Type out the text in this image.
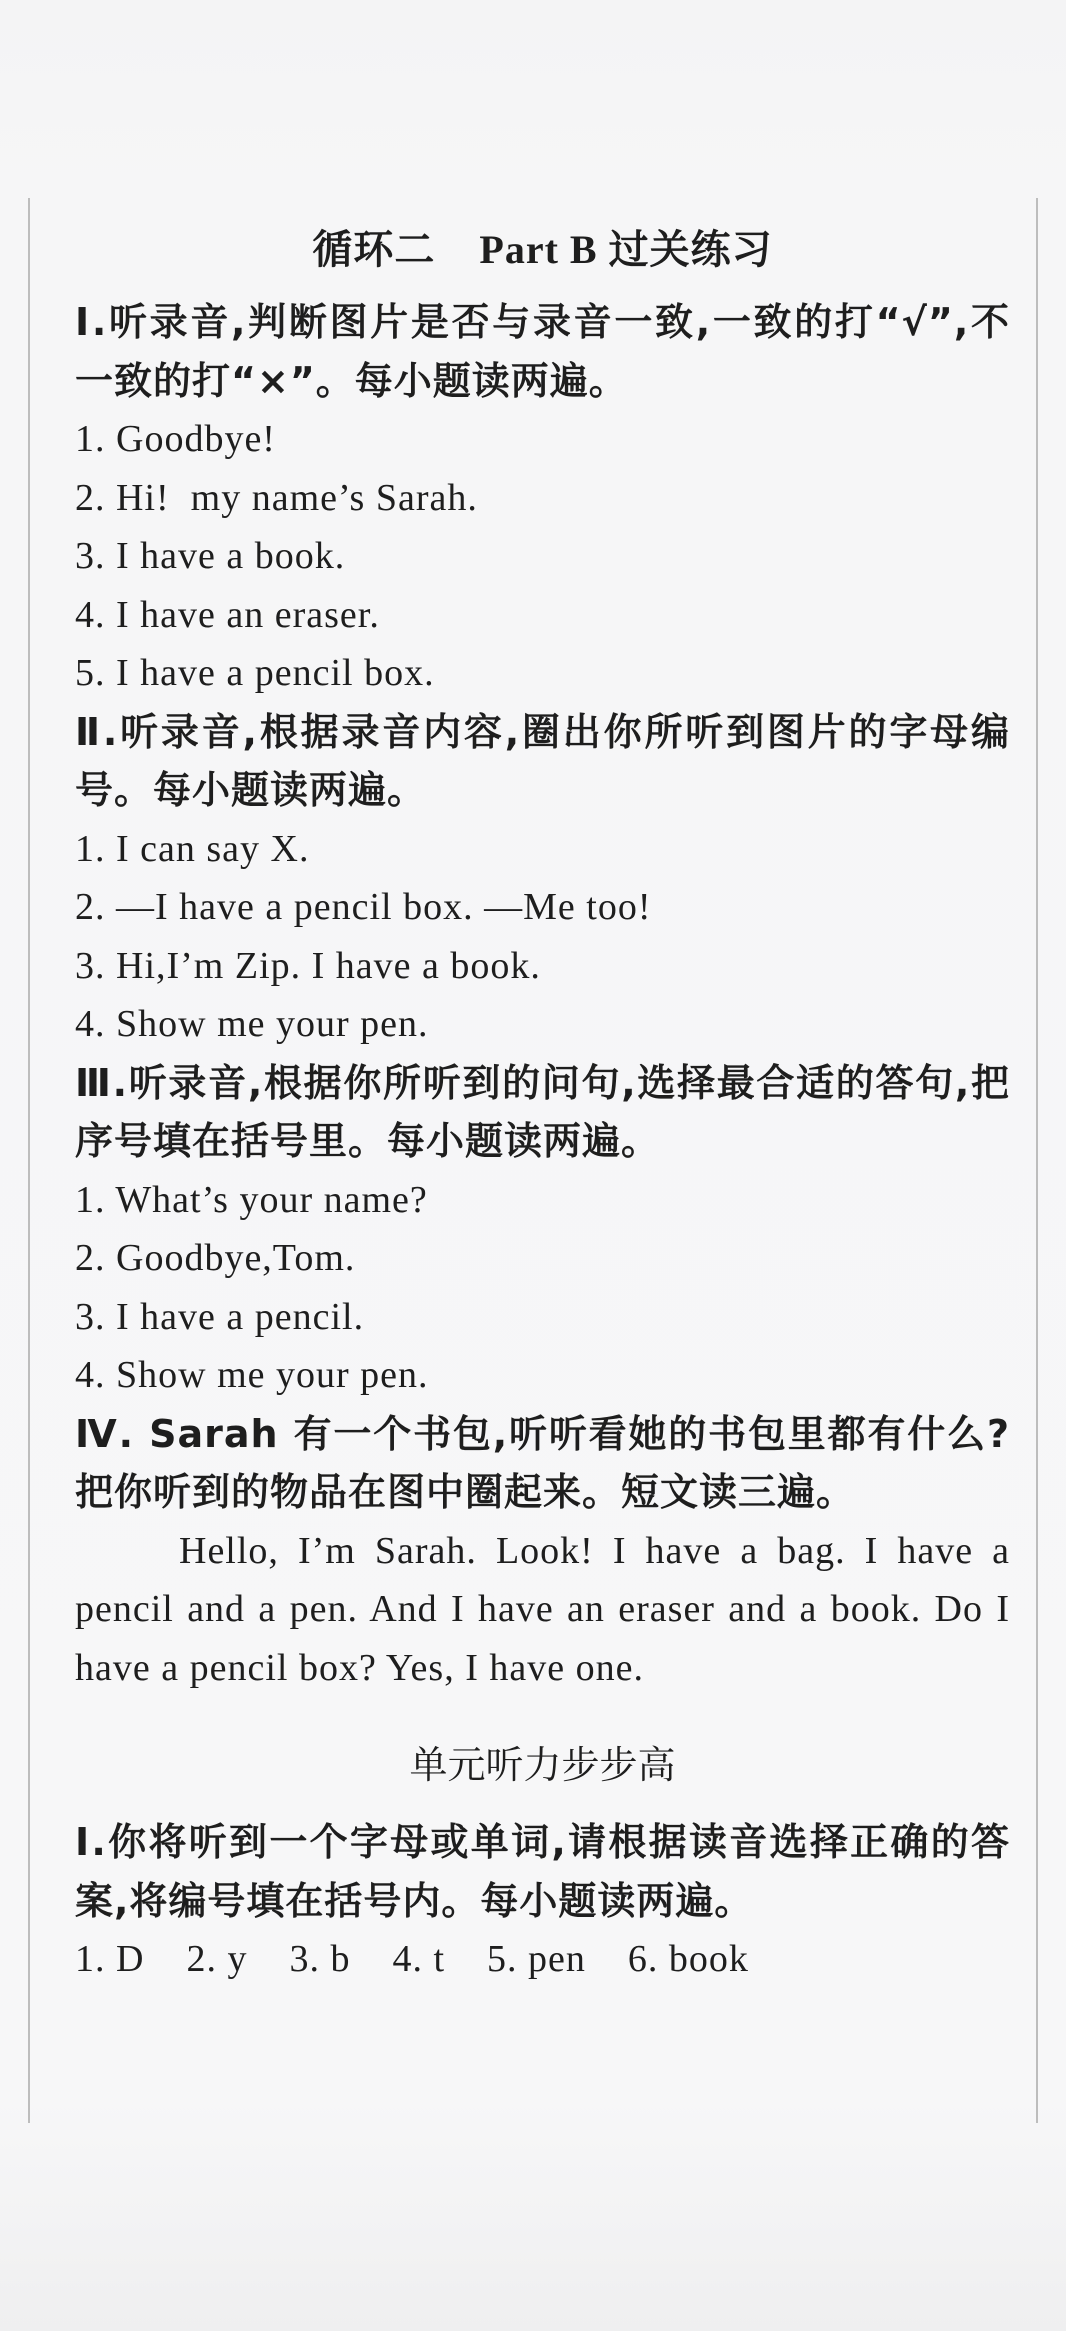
循环二 Part B 过关练习
Ⅰ.听录音,判断图片是否与录音一致,一致的打“√”,不一致的打“×”。每小题读两遍。
1. Goodbye!
2. Hi!  my name’s Sarah.
3. I have a book.
4. I have an eraser.
5. I have a pencil box.
Ⅱ.听录音,根据录音内容,圈出你所听到图片的字母编号。每小题读两遍。
1. I can say X.
2. —I have a pencil box. —Me too!
3. Hi,I’m Zip. I have a book.
4. Show me your pen.
Ⅲ.听录音,根据你所听到的问句,选择最合适的答句,把序号填在括号里。每小题读两遍。
1. What’s your name?
2. Goodbye,Tom.
3. I have a pencil.
4. Show me your pen.
Ⅳ. Sarah 有一个书包,听听看她的书包里都有什么? 把你听到的物品在图中圈起来。短文读三遍。
Hello, I’m Sarah. Look! I have a bag. I have a pencil and a pen. And I have an eraser and a book. Do I have a pencil box? Yes, I have one.
单元听力步步高
Ⅰ.你将听到一个字母或单词,请根据读音选择正确的答案,将编号填在括号内。每小题读两遍。
1. D 2. y 3. b 4. t 5. pen 6. book
